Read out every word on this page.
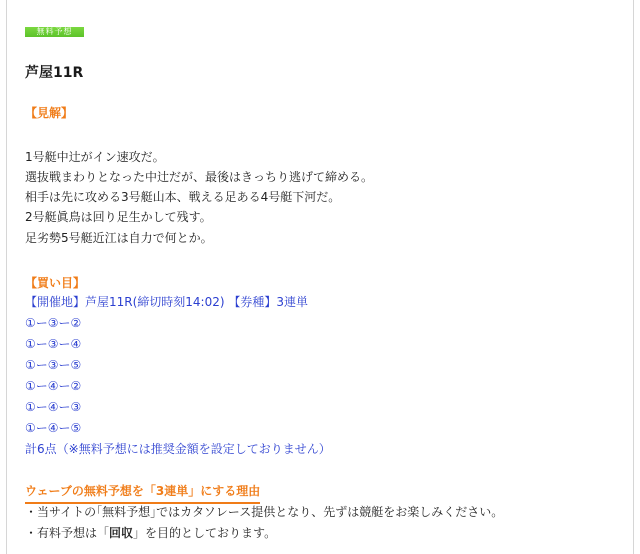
無料予想
芦屋11R
【見解】
1号艇中辻がイン速攻だ。
選抜戦まわりとなった中辻だが、最後はきっちり逃げて締める。
相手は先に攻める3号艇山本、戦える足ある4号艇下河だ。
2号艇眞鳥は回り足生かして残す。
足劣勢5号艇近江は自力で何とか。
【買い目】
【開催地】芦屋11R(締切時刻14:02) 【券種】3連単
①ー③ー②
①ー③ー④
①ー③ー⑤
①ー④ー②
①ー④ー③
①ー④ー⑤
計6点（※無料予想には推奨金額を設定しておりません）
ウェーブの無料予想を「3連単」にする理由
・当サイトの｢無料予想｣ではカタソレース提供となり、先ずは競艇をお楽しみください。
・有料予想は「回収」を目的としております。
